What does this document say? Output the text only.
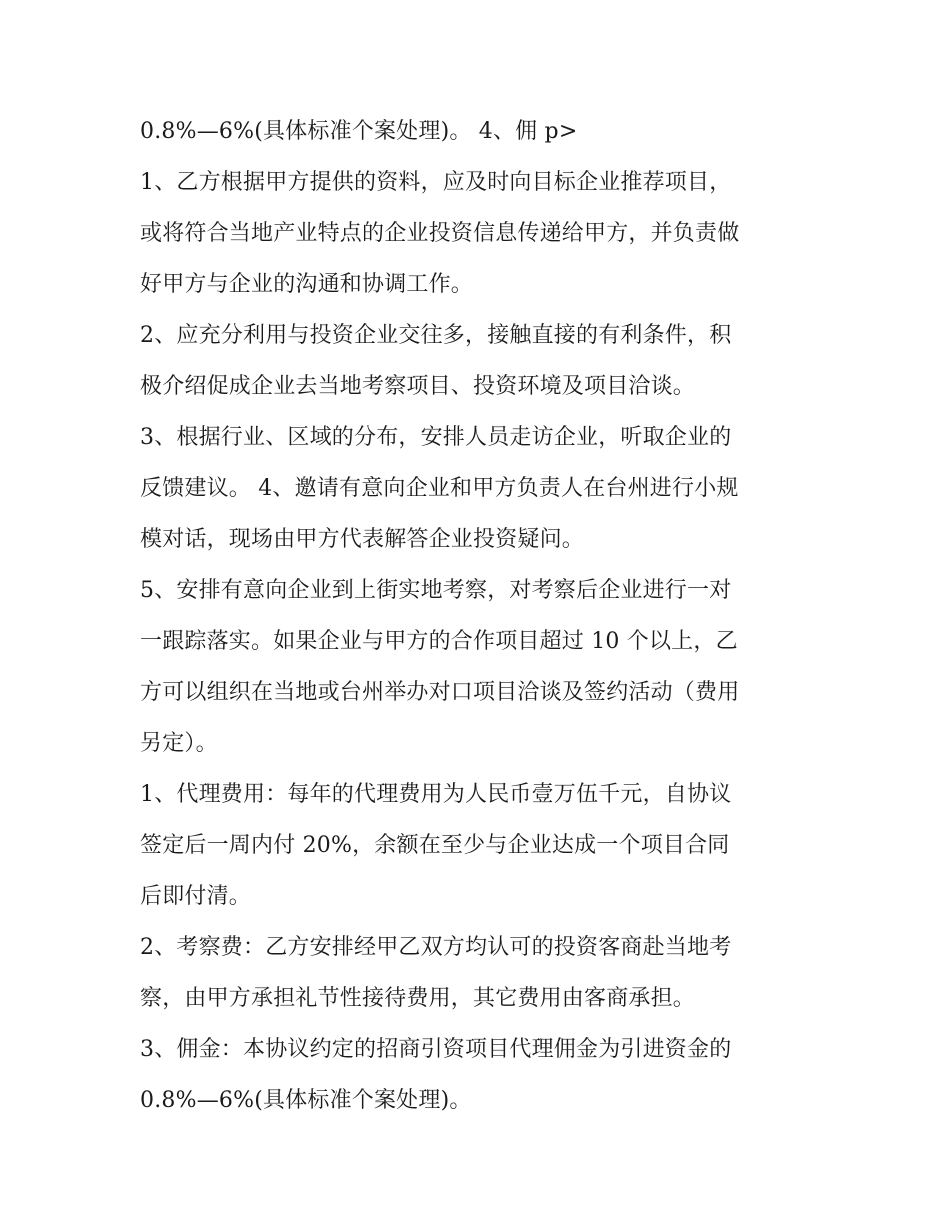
0.8%—6%(具体标准个案处理)。 4、佣 p>
1、乙方根据甲方提供的资料，应及时向目标企业推荐项目，
或将符合当地产业特点的企业投资信息传递给甲方，并负责做
好甲方与企业的沟通和协调工作。
2、应充分利用与投资企业交往多，接触直接的有利条件，积
极介绍促成企业去当地考察项目、投资环境及项目洽谈。
3、根据行业、区域的分布，安排人员走访企业，听取企业的
反馈建议。 4、邀请有意向企业和甲方负责人在台州进行小规
模对话，现场由甲方代表解答企业投资疑问。
5、安排有意向企业到上街实地考察，对考察后企业进行一对
一跟踪落实。如果企业与甲方的合作项目超过 10 个以上，乙
方可以组织在当地或台州举办对口项目洽谈及签约活动（费用
另定）。
1、代理费用：每年的代理费用为人民币壹万伍千元，自协议
签定后一周内付 20%，余额在至少与企业达成一个项目合同
后即付清。
2、考察费：乙方安排经甲乙双方均认可的投资客商赴当地考
察，由甲方承担礼节性接待费用，其它费用由客商承担。
3、佣金：本协议约定的招商引资项目代理佣金为引进资金的
0.8%—6%(具体标准个案处理)。
